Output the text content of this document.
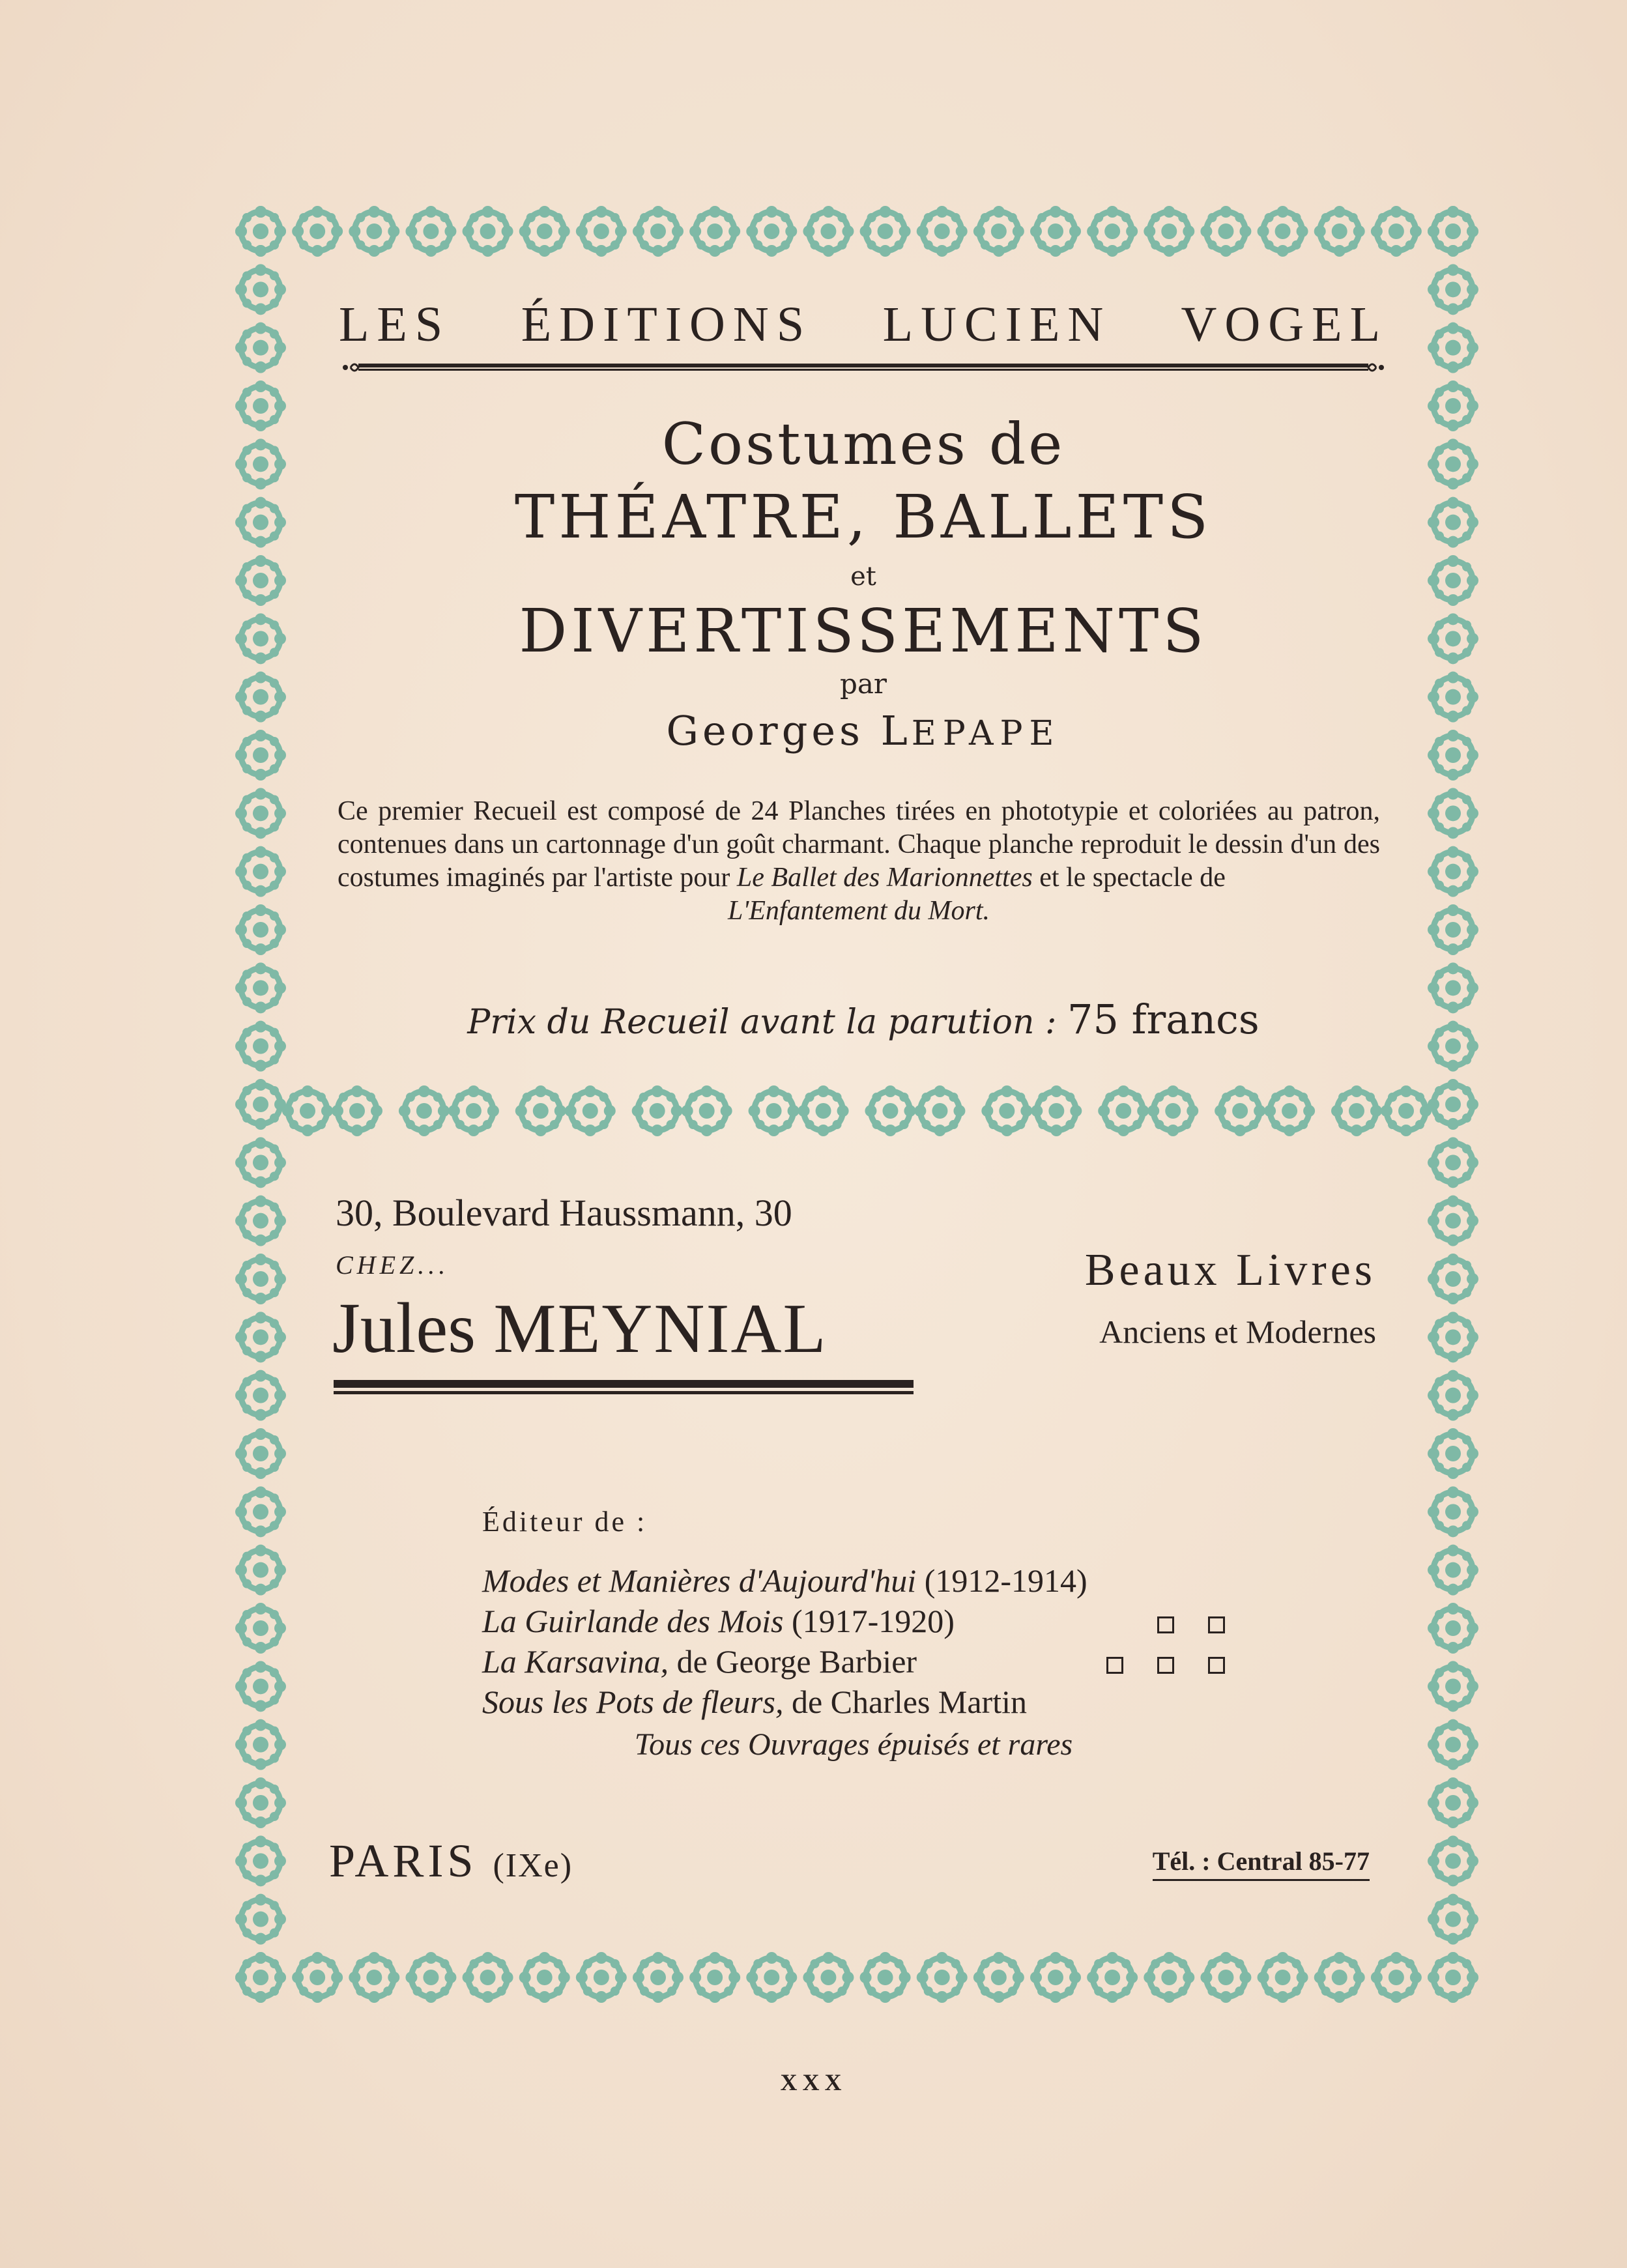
LES ÉDITIONS LUCIEN VOGEL
Costumes de
THÉATRE, BALLETS
et
DIVERTISSEMENTS
par
Georges LEPAPE
Ce premier Recueil est composé de 24 Planches tirées en phototypie et coloriées au patron, contenues dans un cartonnage d'un goût charmant. Chaque planche reproduit le dessin d'un des costumes imaginés par l'artiste pour Le Ballet des Marionnettes et le spectacle de
L'Enfantement du Mort.
Prix du Recueil avant la parution : 75 francs
30, Boulevard Haussmann, 30
CHEZ...
Jules MEYNIAL
Beaux Livres
Anciens et Modernes
Éditeur de :
Modes et Manières d'Aujourd'hui (1912-1914)
La Guirlande des Mois (1917-1920)
La Karsavina, de George Barbier
Sous les Pots de fleurs, de Charles Martin
Tous ces Ouvrages épuisés et rares
PARIS (IXe)	Tél. : Central 85-77
XXX
